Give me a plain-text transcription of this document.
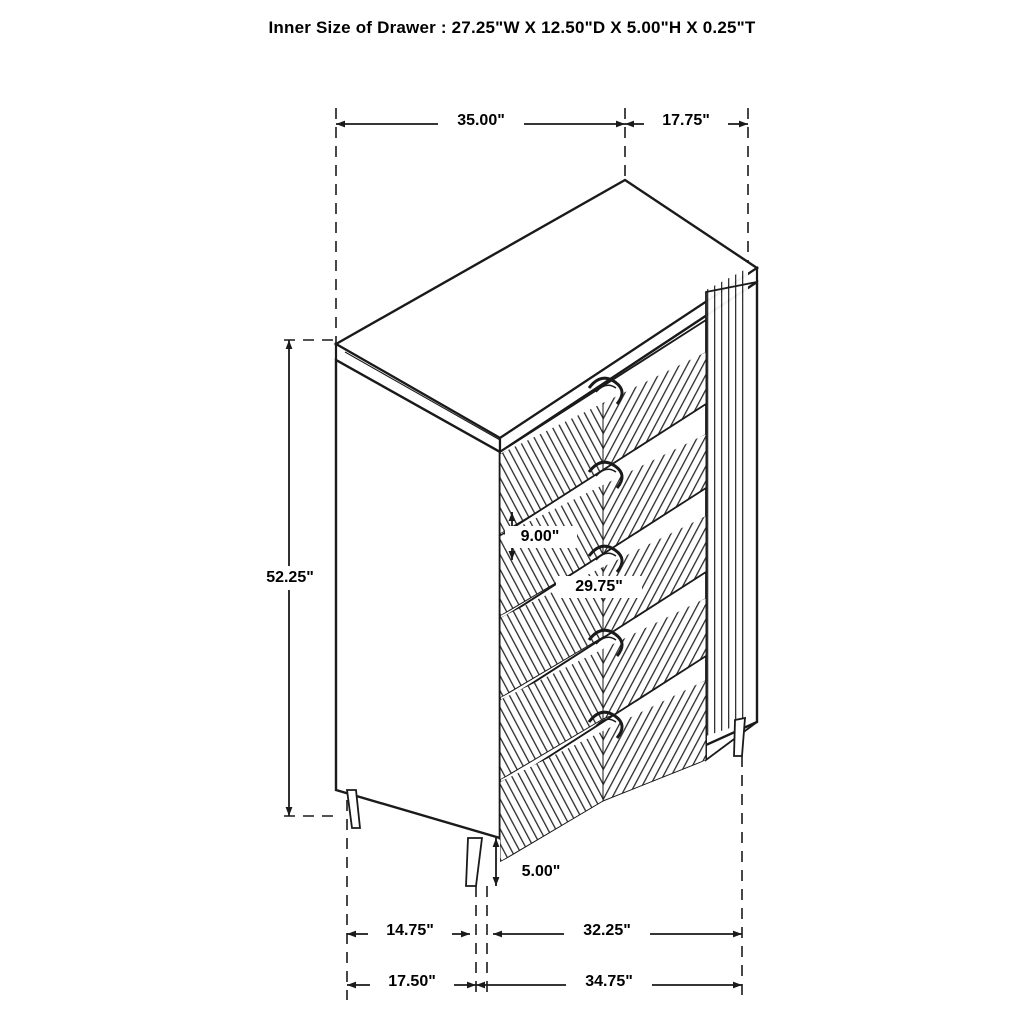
Inner Size of Drawer : 27.25"W X 12.50"D X 5.00"H X 0.25"T
35.00"	17.75"
52.25"
9.00"
29.75"
5.00"
14.75"	32.25"
17.50"	34.75"
